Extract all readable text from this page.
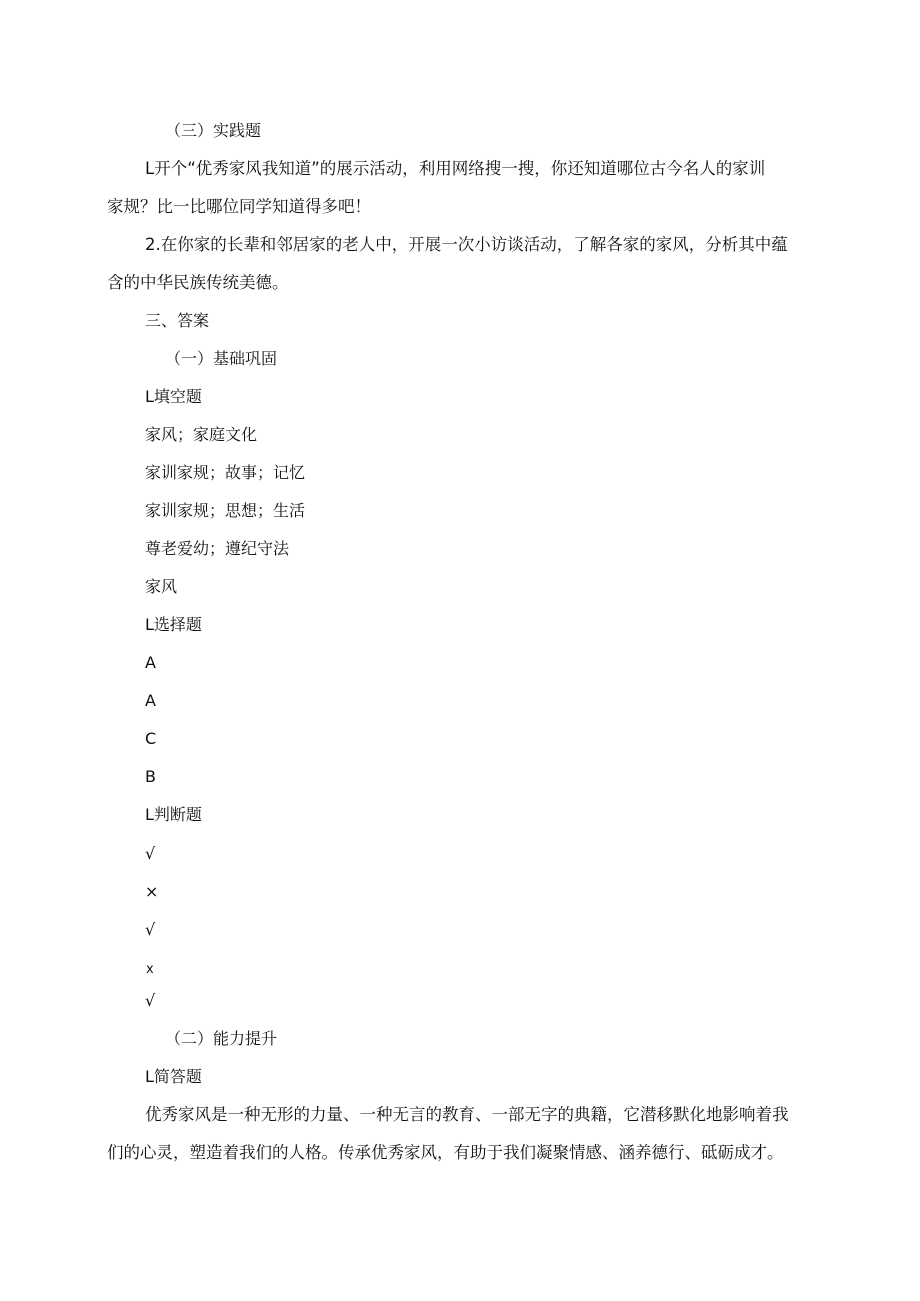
（三）实践题
L开个“优秀家风我知道”的展示活动，利用网络搜一搜，你还知道哪位古今名人的家训
家规？比一比哪位同学知道得多吧！
2.在你家的长辈和邻居家的老人中，开展一次小访谈活动，了解各家的家风，分析其中蕴
含的中华民族传统美德。
三、答案
（一）基础巩固
L填空题
家风；家庭文化
家训家规；故事；记忆
家训家规；思想；生活
尊老爱幼；遵纪守法
家风
L选择题
A
A
C
B
L判断题
√
×
√
x
√
（二）能力提升
L简答题
优秀家风是一种无形的力量、一种无言的教育、一部无字的典籍，它潜移默化地影响着我
们的心灵，塑造着我们的人格。传承优秀家风，有助于我们凝聚情感、涵养德行、砥砺成才。
